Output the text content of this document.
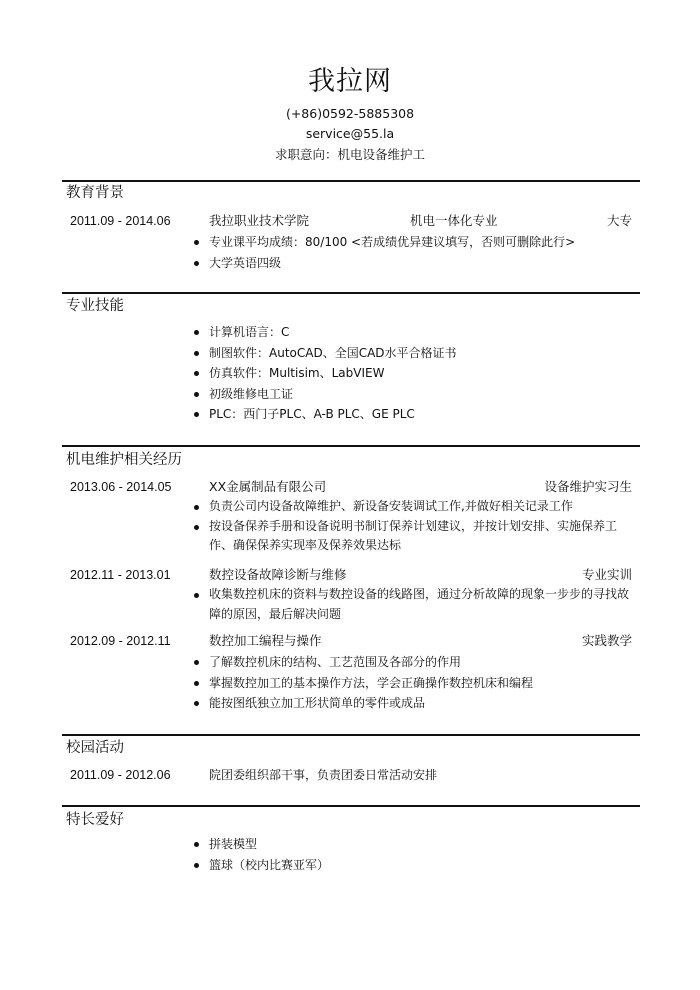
我拉网
(+86)0592-5885308
service@55.la
求职意向：机电设备维护工
教育背景
2011.09 - 2014.06	我拉职业技术学院	机电一体化专业	大专
专业课平均成绩：80/100 <若成绩优异建议填写，否则可删除此行>
大学英语四级
专业技能
计算机语言：C
制图软件：AutoCAD、全国CAD水平合格证书
仿真软件：Multisim、LabVIEW
初级维修电工证
PLC：西门子PLC、A-B PLC、GE PLC
机电维护相关经历
2013.06 - 2014.05	XX金属制品有限公司	设备维护实习生
负责公司内设备故障维护、新设备安装调试工作,并做好相关记录工作
按设备保养手册和设备说明书制订保养计划建议，并按计划安排、实施保养工作、确保保养实现率及保养效果达标
2012.11 - 2013.01	数控设备故障诊断与维修	专业实训
收集数控机床的资料与数控设备的线路图，通过分析故障的现象一步步的寻找故障的原因，最后解决问题
2012.09 - 2012.11	数控加工编程与操作	实践教学
了解数控机床的结构、工艺范围及各部分的作用
掌握数控加工的基本操作方法，学会正确操作数控机床和编程
能按图纸独立加工形状简单的零件或成品
校园活动
2011.09 - 2012.06	院团委组织部干事，负责团委日常活动安排
特长爱好
拼装模型
篮球（校内比赛亚军）
